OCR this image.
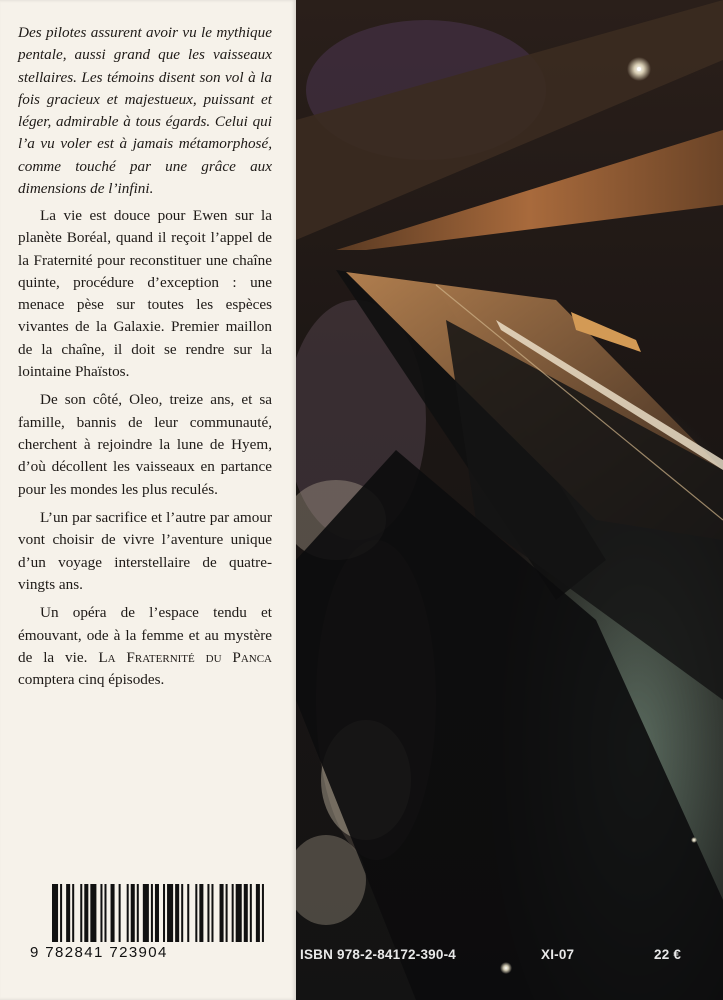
Des pilotes assurent avoir vu le mythique pentale, aussi grand que les vaisseaux stellaires. Les témoins disent son vol à la fois gracieux et majestueux, puissant et léger, admirable à tous égards. Celui qui l’a vu voler est à jamais métamorphosé, comme touché par une grâce aux dimensions de l’infini.

La vie est douce pour Ewen sur la planète Boréal, quand il reçoit l’appel de la Fraternité pour reconstituer une chaîne quinte, procédure d’exception : une menace pèse sur toutes les espèces vivantes de la Galaxie. Premier maillon de la chaîne, il doit se rendre sur la lointaine Phaïstos.

De son côté, Oleo, treize ans, et sa famille, bannis de leur communauté, cherchent à rejoindre la lune de Hyem, d’où décollent les vaisseaux en partance pour les mondes les plus reculés.

L’un par sacrifice et l’autre par amour vont choisir de vivre l’aventure unique d’un voyage interstellaire de quatre-vingts ans.

Un opéra de l’espace tendu et émouvant, ode à la femme et au mystère de la vie. La Fraternité du Panca comptera cinq épisodes.

9 782841 723904	ISBN 978-2-84172-390-4	XI-07	22 €
